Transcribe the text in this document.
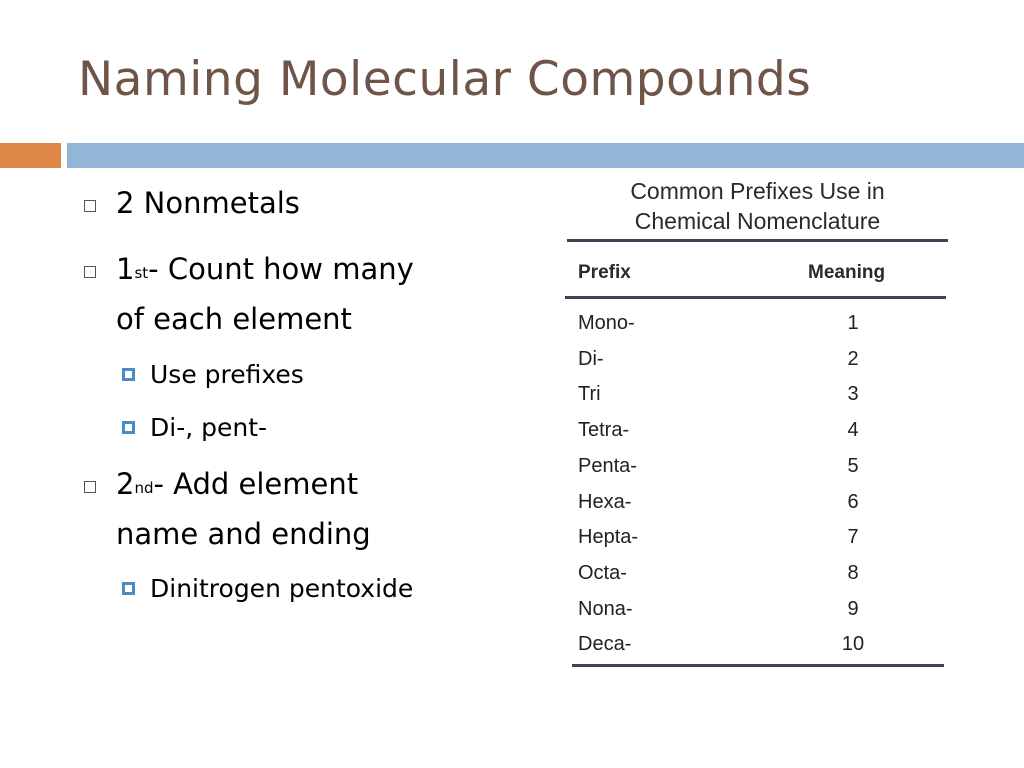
Naming Molecular Compounds
2 Nonmetals
1st- Count how many
of each element
Use prefixes
Di-, pent-
2nd- Add element
name and ending
Dinitrogen pentoxide
Common Prefixes Use in
Chemical Nomenclature
Prefix	Meaning
Mono-	1
Di-	2
Tri	3
Tetra-	4
Penta-	5
Hexa-	6
Hepta-	7
Octa-	8
Nona-	9
Deca-	10
